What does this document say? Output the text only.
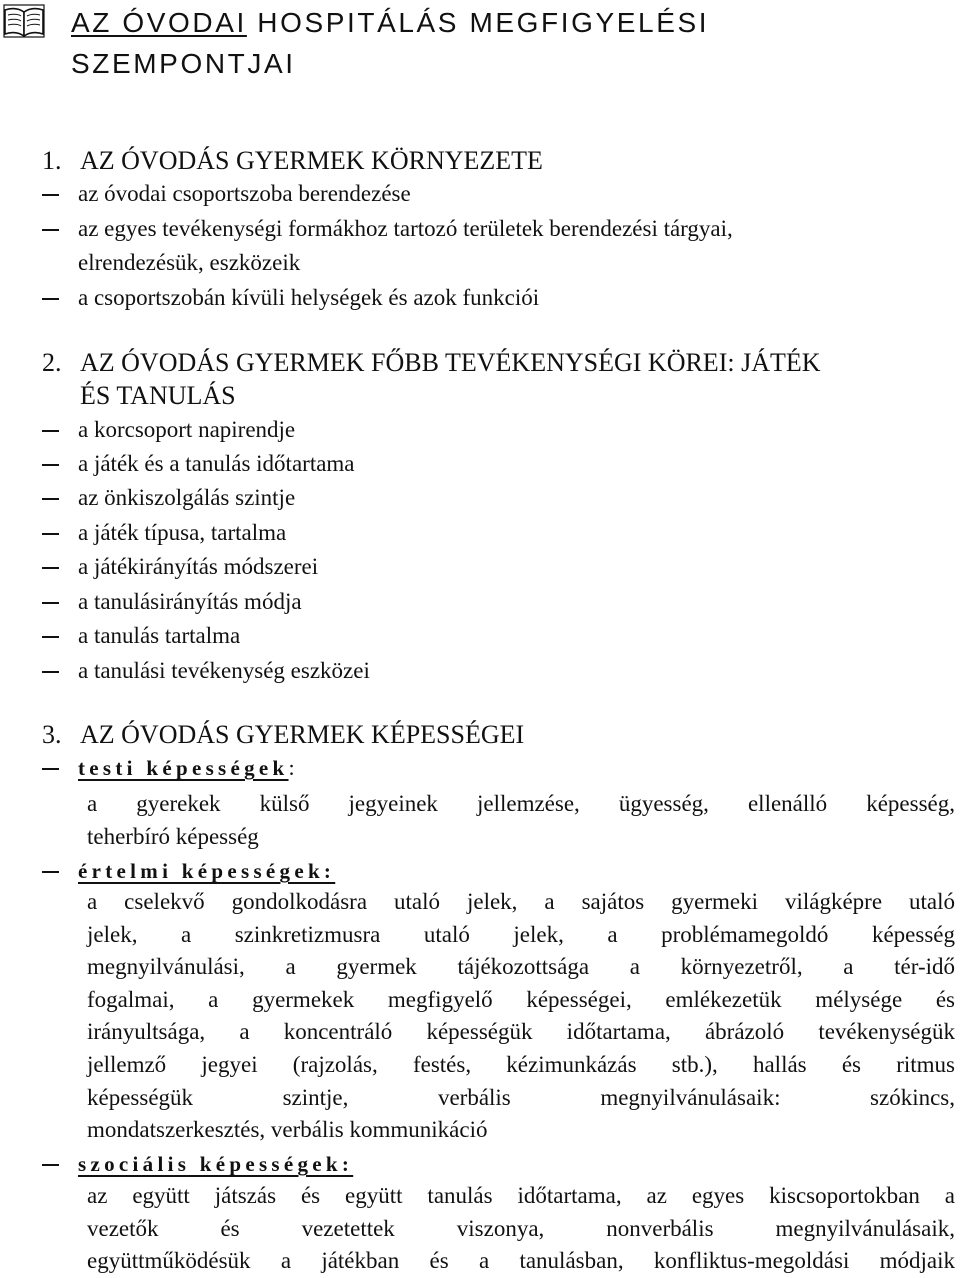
AZ ÓVODAI HOSPITÁLÁS MEGFIGYELÉSI
SZEMPONTJAI
1. AZ ÓVODÁS GYERMEK KÖRNYEZETE
az óvodai csoportszoba berendezése
az egyes tevékenységi formákhoz tartozó területek berendezési tárgyai,
elrendezésük, eszközeik
a csoportszobán kívüli helységek és azok funkciói
2. AZ ÓVODÁS GYERMEK FŐBB TEVÉKENYSÉGI KÖREI: JÁTÉK
ÉS TANULÁS
a korcsoport napirendje
a játék és a tanulás időtartama
az önkiszolgálás szintje
a játék típusa, tartalma
a játékirányítás módszerei
a tanulásirányítás módja
a tanulás tartalma
a tanulási tevékenység eszközei
3. AZ ÓVODÁS GYERMEK KÉPESSÉGEI
testi képességek:
a gyerekek külső jegyeinek jellemzése, ügyesség, ellenálló képesség,
teherbíró képesség
értelmi képességek:
a cselekvő gondolkodásra utaló jelek, a sajátos gyermeki világképre utaló
jelek, a szinkretizmusra utaló jelek, a problémamegoldó képesség
megnyilvánulási, a gyermek tájékozottsága a környezetről, a tér-idő
fogalmai, a gyermekek megfigyelő képességei, emlékezetük mélysége és
irányultsága, a koncentráló képességük időtartama, ábrázoló tevékenységük
jellemző jegyei (rajzolás, festés, kézimunkázás stb.), hallás és ritmus
képességük szintje, verbális megnyilvánulásaik: szókincs,
mondatszerkesztés, verbális kommunikáció
szociális képességek:
az együtt játszás és együtt tanulás időtartama, az egyes kiscsoportokban a
vezetők és vezetettek viszonya, nonverbális megnyilvánulásaik,
együttműködésük a játékban és a tanulásban, konfliktus-megoldási módjaik
